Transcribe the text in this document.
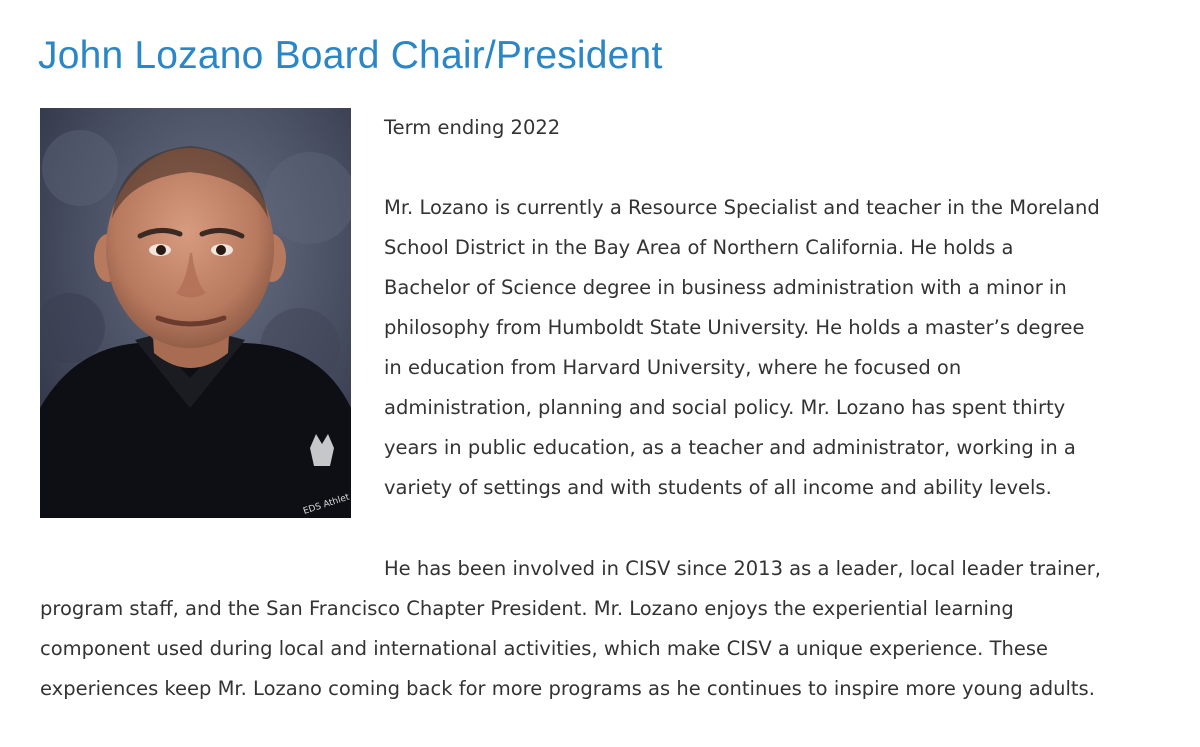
John Lozano Board Chair/President
EDS Athlet
Term ending 2022
Mr. Lozano is currently a Resource Specialist and teacher in the Moreland
School District in the Bay Area of Northern California. He holds a
Bachelor of Science degree in business administration with a minor in
philosophy from Humboldt State University. He holds a master’s degree
in education from Harvard University, where he focused on
administration, planning and social policy. Mr. Lozano has spent thirty
years in public education, as a teacher and administrator, working in a
variety of settings and with students of all income and ability levels.
He has been involved in CISV since 2013 as a leader, local leader trainer,
program staff, and the San Francisco Chapter President. Mr. Lozano enjoys the experiential learning
component used during local and international activities, which make CISV a unique experience. These
experiences keep Mr. Lozano coming back for more programs as he continues to inspire more young adults.
